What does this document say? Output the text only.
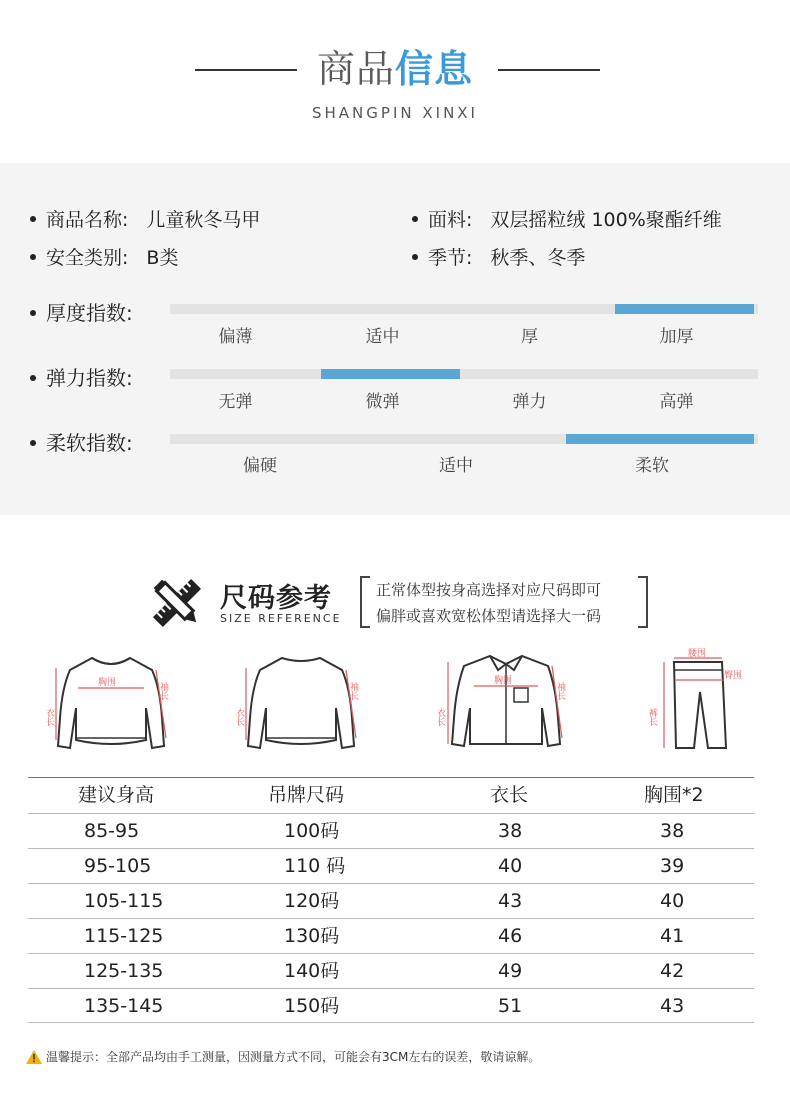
商品信息
SHANGPIN XINXI
商品名称: 儿童秋冬马甲
安全类别: B类
面料: 双层摇粒绒 100%聚酯纤维
季节: 秋季、冬季
厚度指数:
弹力指数:
柔软指数:
偏薄	适中	厚	加厚
无弹	微弹	弹力	高弹
偏硬	适中	柔软
尺码参考
SIZE REFERENCE
正常体型按身高选择对应尺码即可
偏胖或喜欢宽松体型请选择大一码
胸围
衣长
袖长
衣长
袖长
胸围
衣长
袖长
腰围
臀围
裤长
建议身高	吊牌尺码	衣长	胸围*2
85-95	100码	38	38
95-105	110 码	40	39
105-115	120码	43	40
115-125	130码	46	41
125-135	140码	49	42
135-145	150码	51	43
温馨提示：全部产品均由手工测量，因测量方式不同，可能会有3CM左右的误差，敬请谅解。
